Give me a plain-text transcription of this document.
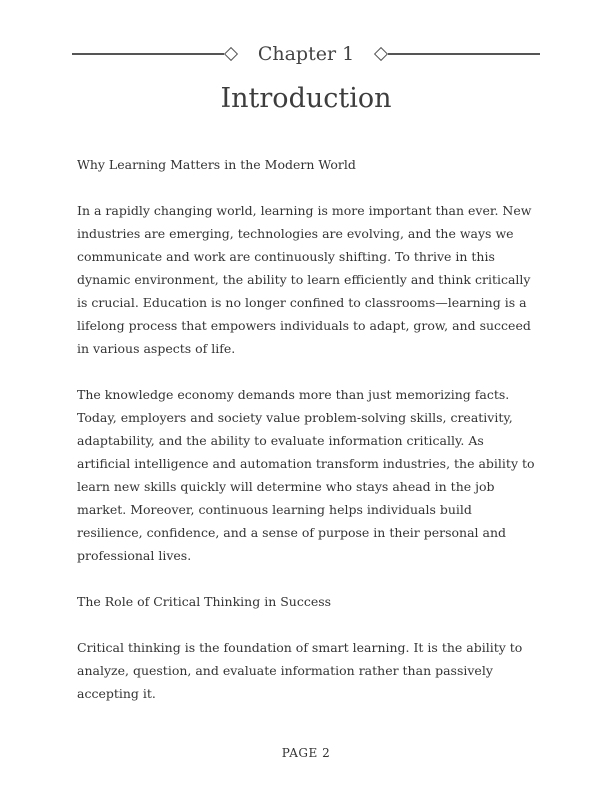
Chapter 1
Introduction
Why Learning Matters in the Modern World

In a rapidly changing world, learning is more important than ever. New industries are emerging, technologies are evolving, and the ways we communicate and work are continuously shifting. To thrive in this dynamic environment, the ability to learn efficiently and think critically is crucial. Education is no longer confined to classrooms—learning is a lifelong process that empowers individuals to adapt, grow, and succeed in various aspects of life.

The knowledge economy demands more than just memorizing facts. Today, employers and society value problem-solving skills, creativity, adaptability, and the ability to evaluate information critically. As artificial intelligence and automation transform industries, the ability to learn new skills quickly will determine who stays ahead in the job market. Moreover, continuous learning helps individuals build resilience, confidence, and a sense of purpose in their personal and professional lives.

The Role of Critical Thinking in Success

Critical thinking is the foundation of smart learning. It is the ability to analyze, question, and evaluate information rather than passively accepting it.

PAGE 2
